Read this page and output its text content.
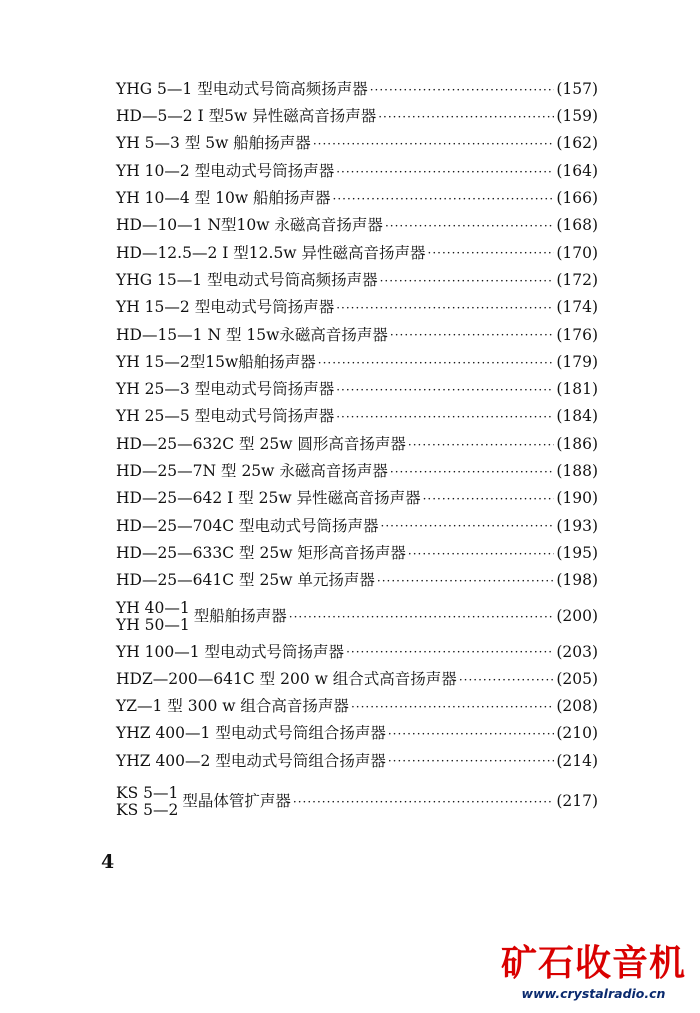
YHG 5—1 型电动式号筒高频扬声器 ·····	(157)
HD—5—2 I 型5w 异性磁高音扬声器 ·····	(159)
YH 5—3 型 5w 船舶扬声器 ·····	(162)
YH 10—2 型电动式号筒扬声器 ·····	(164)
YH 10—4 型 10w 船舶扬声器 ·····	(166)
HD—10—1 N型10w 永磁高音扬声器 ·····	(168)
HD—12.5—2 I 型12.5w 异性磁高音扬声器 ·····	(170)
YHG 15—1 型电动式号筒高频扬声器 ·····	(172)
YH 15—2 型电动式号筒扬声器 ·····	(174)
HD—15—1 N 型 15w永磁高音扬声器 ·····	(176)
YH 15—2型15w船舶扬声器 ·····	(179)
YH 25—3 型电动式号筒扬声器 ·····	(181)
YH 25—5 型电动式号筒扬声器 ·····	(184)
HD—25—632C 型 25w 圆形高音扬声器 ·····	(186)
HD—25—7N 型 25w 永磁高音扬声器 ·····	(188)
HD—25—642 I 型 25w 异性磁高音扬声器 ·····	(190)
HD—25—704C 型电动式号筒扬声器 ·····	(193)
HD—25—633C 型 25w 矩形高音扬声器 ·····	(195)
HD—25—641C 型 25w 单元扬声器 ·····	(198)
YH 40—1
YH 50—1 型船舶扬声器 ·····	(200)
YH 100—1 型电动式号筒扬声器 ·····	(203)
HDZ—200—641C 型 200 w 组合式高音扬声器 ·····	(205)
YZ—1 型 300 w 组合高音扬声器 ·····	(208)
YHZ 400—1 型电动式号筒组合扬声器 ·····	(210)
YHZ 400—2 型电动式号筒组合扬声器 ·····	(214)
KS 5—1
KS 5—2 型晶体管扩声器 ·····	(217)
4
矿石收音机
www.crystalradio.cn
